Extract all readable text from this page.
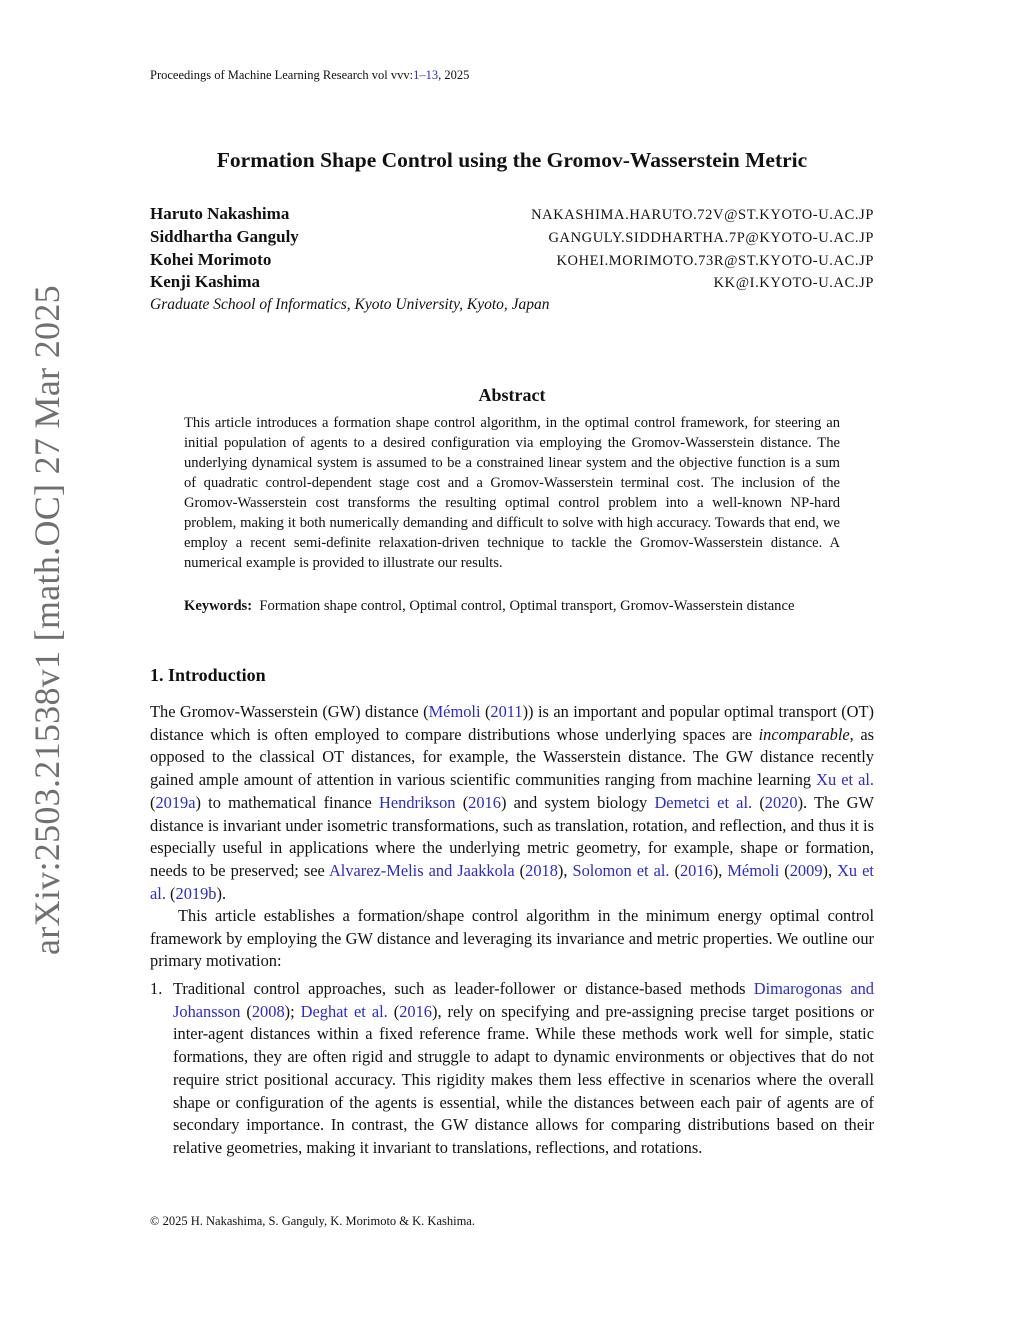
Proceedings of Machine Learning Research vol vvv:1–13, 2025
arXiv:2503.21538v1 [math.OC] 27 Mar 2025
Formation Shape Control using the Gromov-Wasserstein Metric
Haruto Nakashima	NAKASHIMA.HARUTO.72V@ST.KYOTO-U.AC.JP
Siddhartha Ganguly	GANGULY.SIDDHARTHA.7P@KYOTO-U.AC.JP
Kohei Morimoto	KOHEI.MORIMOTO.73R@ST.KYOTO-U.AC.JP
Kenji Kashima	KK@I.KYOTO-U.AC.JP
Graduate School of Informatics, Kyoto University, Kyoto, Japan
Abstract

This article introduces a formation shape control algorithm, in the optimal control framework, for steering an initial population of agents to a desired configuration via employing the Gromov-Wasserstein distance. The underlying dynamical system is assumed to be a constrained linear system and the objective function is a sum of quadratic control-dependent stage cost and a Gromov-Wasserstein terminal cost. The inclusion of the Gromov-Wasserstein cost transforms the resulting optimal control problem into a well-known NP-hard problem, making it both numerically demanding and difficult to solve with high accuracy. Towards that end, we employ a recent semi-definite relaxation-driven technique to tackle the Gromov-Wasserstein distance. A numerical example is provided to illustrate our results.

Keywords: Formation shape control, Optimal control, Optimal transport, Gromov-Wasserstein distance

1. Introduction

The Gromov-Wasserstein (GW) distance (Mémoli (2011)) is an important and popular optimal transport (OT) distance which is often employed to compare distributions whose underlying spaces are incomparable, as opposed to the classical OT distances, for example, the Wasserstein distance. The GW distance recently gained ample amount of attention in various scientific communities ranging from machine learning Xu et al. (2019a) to mathematical finance Hendrikson (2016) and system biology Demetci et al. (2020). The GW distance is invariant under isometric transformations, such as translation, rotation, and reflection, and thus it is especially useful in applications where the underlying metric geometry, for example, shape or formation, needs to be preserved; see Alvarez-Melis and Jaakkola (2018), Solomon et al. (2016), Mémoli (2009), Xu et al. (2019b).

This article establishes a formation/shape control algorithm in the minimum energy optimal control framework by employing the GW distance and leveraging its invariance and metric properties. We outline our primary motivation:

1. Traditional control approaches, such as leader-follower or distance-based methods Dimarogonas and Johansson (2008); Deghat et al. (2016), rely on specifying and pre-assigning precise target positions or inter-agent distances within a fixed reference frame. While these methods work well for simple, static formations, they are often rigid and struggle to adapt to dynamic environments or objectives that do not require strict positional accuracy. This rigidity makes them less effective in scenarios where the overall shape or configuration of the agents is essential, while the distances between each pair of agents are of secondary importance. In contrast, the GW distance allows for comparing distributions based on their relative geometries, making it invariant to translations, reflections, and rotations.

© 2025 H. Nakashima, S. Ganguly, K. Morimoto & K. Kashima.
